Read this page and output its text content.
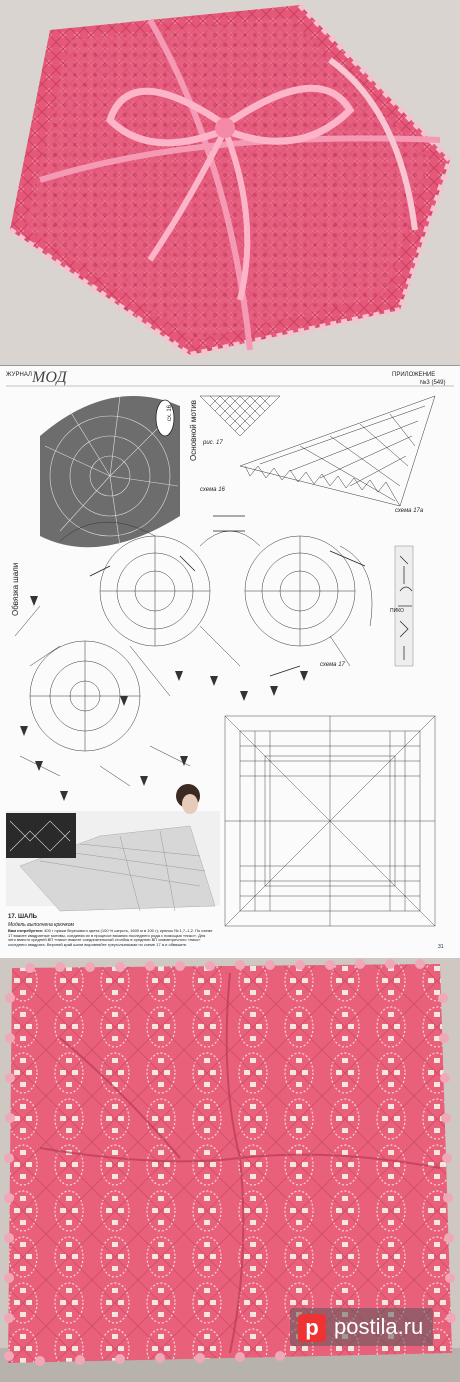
ЖУРНАЛ МОД	ПРИЛОЖЕНИЕ
№3 (549)
сх. 16
Обвязка шали
Основной мотив рис. 17
схема 17а
схема 16
схема 17
ПИКО
17. ШАЛЬ
Модель выполнена крючком
31
Вам потребуется: 400 г пряжи березового цвета (100 % шерсть, 1600 м в 100 г); крючок № 1,7–1,2. По схеме 17 вяжите квадратные мотивы, соединяя их в процессе вязания последнего ряда с помощью «пико». Для чего вместо средней ВП «пико» вяжите соединительный столбик в среднюю ВП симметричного «пико» соседнего квадрата. Верхний край шали выровняйте треугольниками по схеме 17 а и обвяжите.
p postila.ru
